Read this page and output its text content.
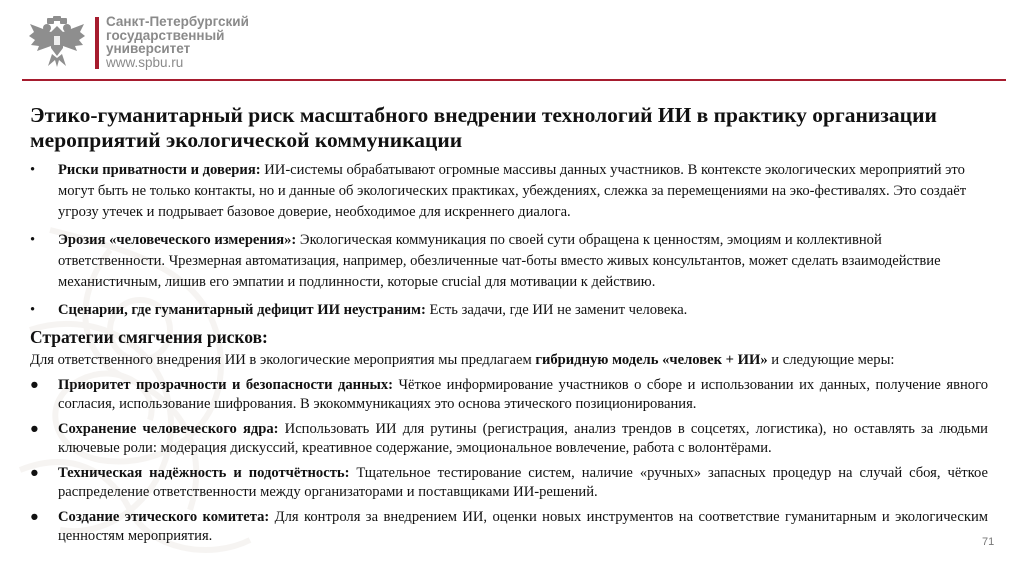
Санкт-Петербургский
государственный
университет
www.spbu.ru
Этико-гуманитарный риск масштабного внедрении технологий ИИ в практику организации мероприятий экологической коммуникации
• Риски приватности и доверия: ИИ-системы обрабатывают огромные массивы данных участников. В контексте экологических мероприятий это могут быть не только контакты, но и данные об экологических практиках, убеждениях, слежка за перемещениями на эко-фестивалях. Это создаёт угрозу утечек и подрывает базовое доверие, необходимое для искреннего диалога.
• Эрозия «человеческого измерения»: Экологическая коммуникация по своей сути обращена к ценностям, эмоциям и коллективной ответственности. Чрезмерная автоматизация, например, обезличенные чат-боты вместо живых консультантов, может сделать взаимодействие механистичным, лишив его эмпатии и подлинности, которые crucial для мотивации к действию.
• Сценарии, где гуманитарный дефицит ИИ неустраним: Есть задачи, где ИИ не заменит человека.
Стратегии смягчения рисков:

Для ответственного внедрения ИИ в экологические мероприятия мы предлагаем гибридную модель «человек + ИИ» и следующие меры:

● Приоритет прозрачности и безопасности данных: Чёткое информирование участников о сборе и использовании их данных, получение явного согласия, использование шифрования. В экокоммуникациях это основа этического позиционирования.
● Сохранение человеческого ядра: Использовать ИИ для рутины (регистрация, анализ трендов в соцсетях, логистика), но оставлять за людьми ключевые роли: модерация дискуссий, креативное содержание, эмоциональное вовлечение, работа с волонтёрами.
● Техническая надёжность и подотчётность: Тщательное тестирование систем, наличие «ручных» запасных процедур на случай сбоя, чёткое распределение ответственности между организаторами и поставщиками ИИ-решений.
● Создание этического комитета: Для контроля за внедрением ИИ, оценки новых инструментов на соответствие гуманитарным и экологическим ценностям мероприятия.	71
